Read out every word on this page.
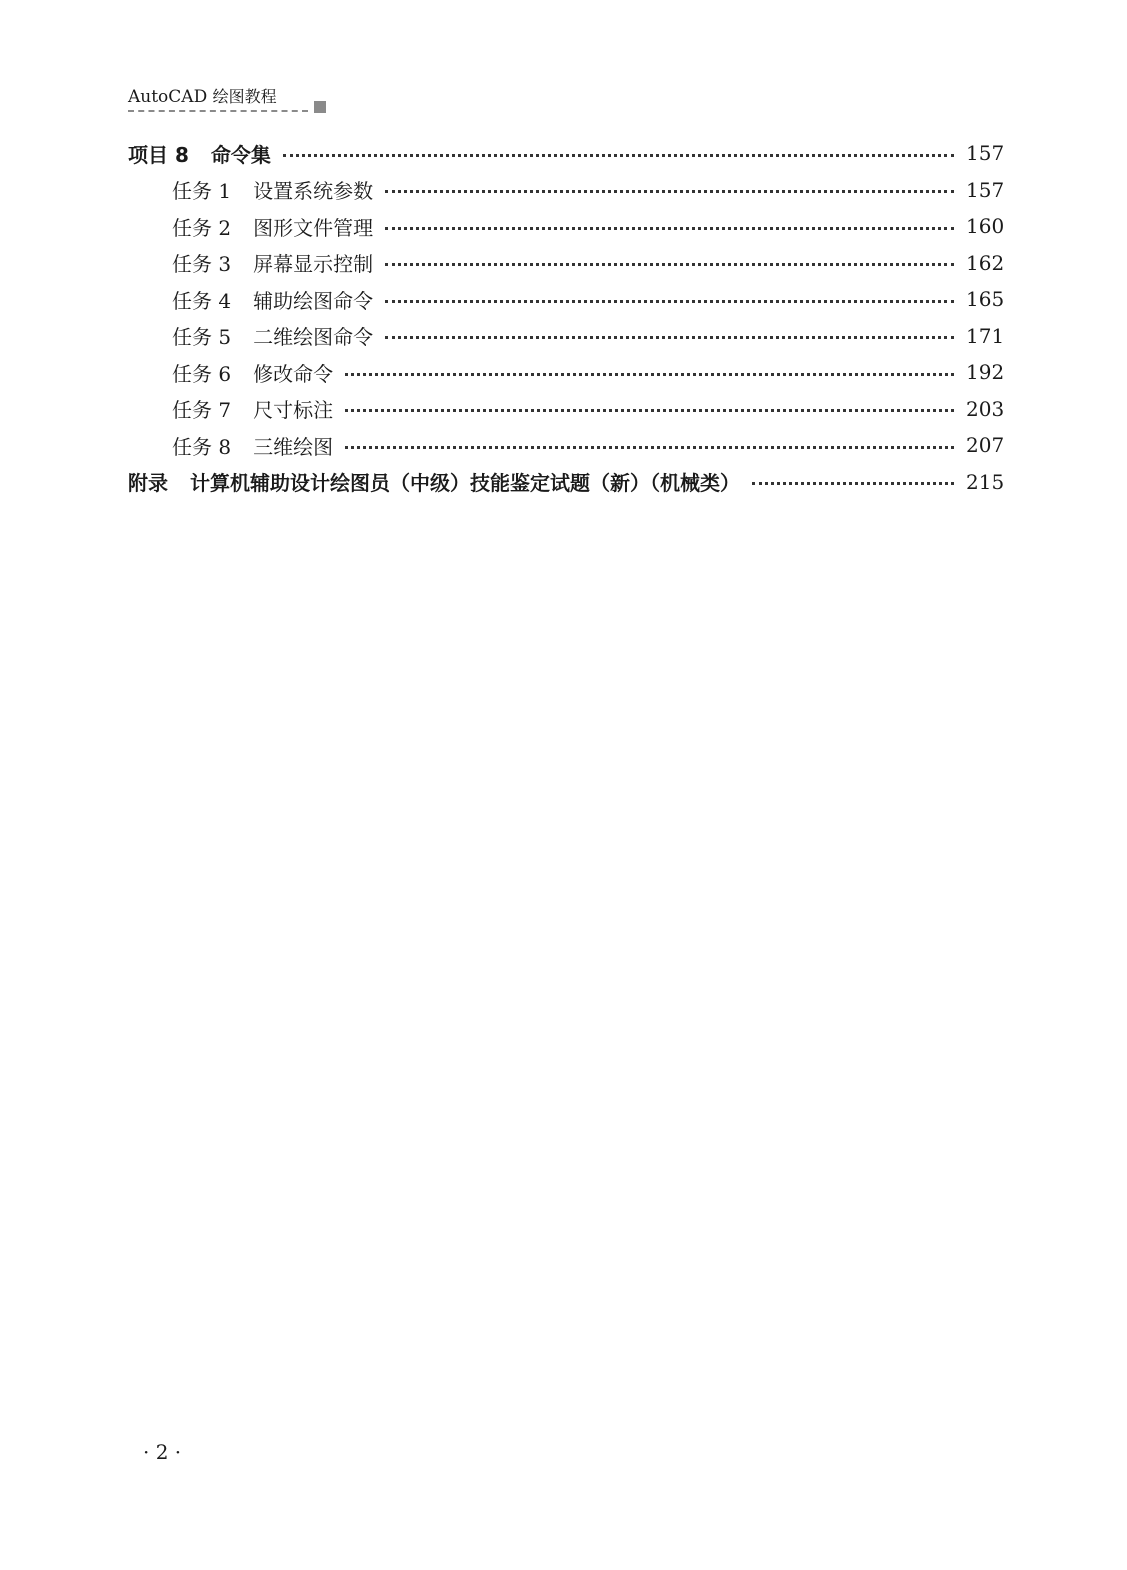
AutoCAD 绘图教程
项目 8 命令集	157
任务 1 设置系统参数	157
任务 2 图形文件管理	160
任务 3 屏幕显示控制	162
任务 4 辅助绘图命令	165
任务 5 二维绘图命令	171
任务 6 修改命令	192
任务 7 尺寸标注	203
任务 8 三维绘图	207
附录 计算机辅助设计绘图员（中级）技能鉴定试题（新）（机械类）	215
· 2 ·
